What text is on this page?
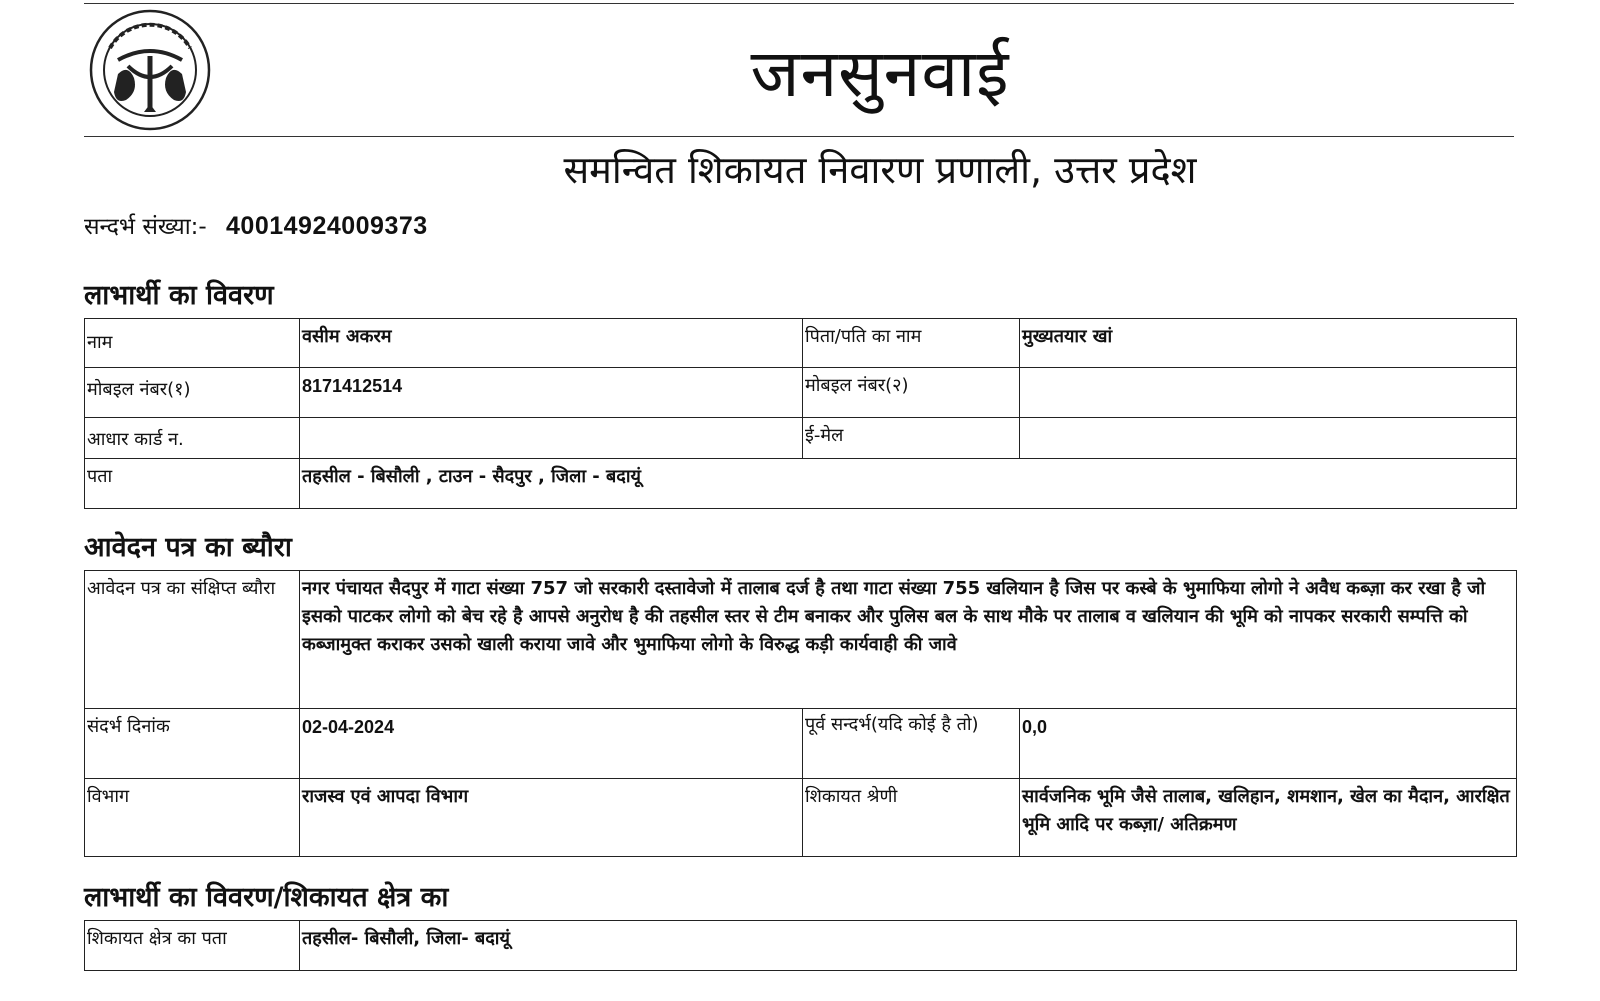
जनसुनवाई
समन्वित शिकायत निवारण प्रणाली, उत्तर प्रदेश
सन्दर्भ संख्या:- 40014924009373
लाभार्थी का विवरण
नाम	वसीम अकरम	पिता/पति का नाम	मुख्यतयार खां
मोबइल नंबर(१)	8171412514	मोबइल नंबर(२)	
आधार कार्ड न.		ई-मेल	
पता	तहसील - बिसौली , टाउन - सैदपुर , जिला - बदायूं		
आवेदन पत्र का ब्यौरा
आवेदन पत्र का संक्षिप्त ब्यौरा	नगर पंचायत सैदपुर में गाटा संख्या 757 जो सरकारी दस्तावेजो में तालाब दर्ज है तथा गाटा संख्या 755 खलियान है जिस पर कस्बे के भुमाफिया लोगो ने अवैध कब्ज़ा कर रखा है जो इसको पाटकर लोगो को बेच रहे है आपसे अनुरोध है की तहसील स्तर से टीम बनाकर और पुलिस बल के साथ मौके पर तालाब व खलियान की भूमि को नापकर सरकारी सम्पत्ति को कब्जामुक्त कराकर उसको खाली कराया जावे और भुमाफिया लोगो के विरुद्ध कड़ी कार्यवाही की जावे		
संदर्भ दिनांक	02-04-2024	पूर्व सन्दर्भ(यदि कोई है तो)	0,0
विभाग	राजस्व एवं आपदा विभाग	शिकायत श्रेणी	सार्वजनिक भूमि जैसे तालाब, खलिहान, शमशान, खेल का मैदान, आरक्षित भूमि आदि पर कब्ज़ा/ अतिक्रमण
लाभार्थी का विवरण/शिकायत क्षेत्र का
शिकायत क्षेत्र का पता	तहसील- बिसौली, जिला- बदायूं
